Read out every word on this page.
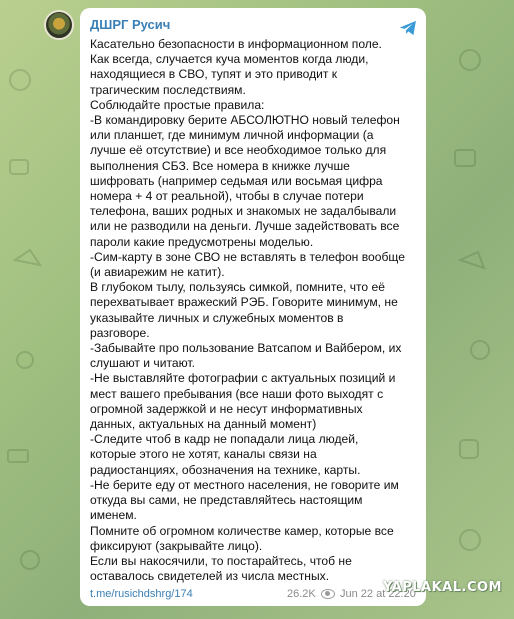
ДШРГ Русич

Касательно безопасности в информационном поле.
Как всегда, случается куча моментов когда люди,
находящиеся в СВО, тупят и это приводит к
трагическим последствиям.
Соблюдайте простые правила:
-В командировку берите АБСОЛЮТНО новый телефон
или планшет, где минимум личной информации (а
лучше её отсутствие) и все необходимое только для
выполнения СБЗ. Все номера в книжке лучше
шифровать (например седьмая или восьмая цифра
номера + 4 от реальной), чтобы в случае потери
телефона, ваших родных и знакомых не задалбывали
или не разводили на деньги. Лучше задействовать все
пароли какие предусмотрены моделью.
-Сим-карту в зоне СВО не вставлять в телефон вообще
(и авиарежим не катит).
В глубоком тылу, пользуясь симкой, помните, что её
перехватывает вражеский РЭБ. Говорите минимум, не
указывайте личных и служебных моментов в
разговоре.
-Забывайте про пользование Ватсапом и Вайбером, их
слушают и читают.
-Не выставляйте фотографии с актуальных позиций и
мест вашего пребывания (все наши фото выходят с
огромной задержкой и не несут информативных
данных, актуальных на данный момент)
-Следите чтоб в кадр не попадали лица людей,
которые этого не хотят, каналы связи на
радиостанциях, обозначения на технике, карты.
-Не берите еду от местного населения, не говорите им
откуда вы сами, не представляйтесь настоящим
именем.
Помните об огромном количестве камер, которые все
фиксируют (закрывайте лицо).
Если вы накосячили, то постарайтесь, чтоб не
оставалось свидетелей из числа местных.
t.me/rusichdshrg/174	26.2K	Jun 22 at 22:20
YAPLAKAL.COM
